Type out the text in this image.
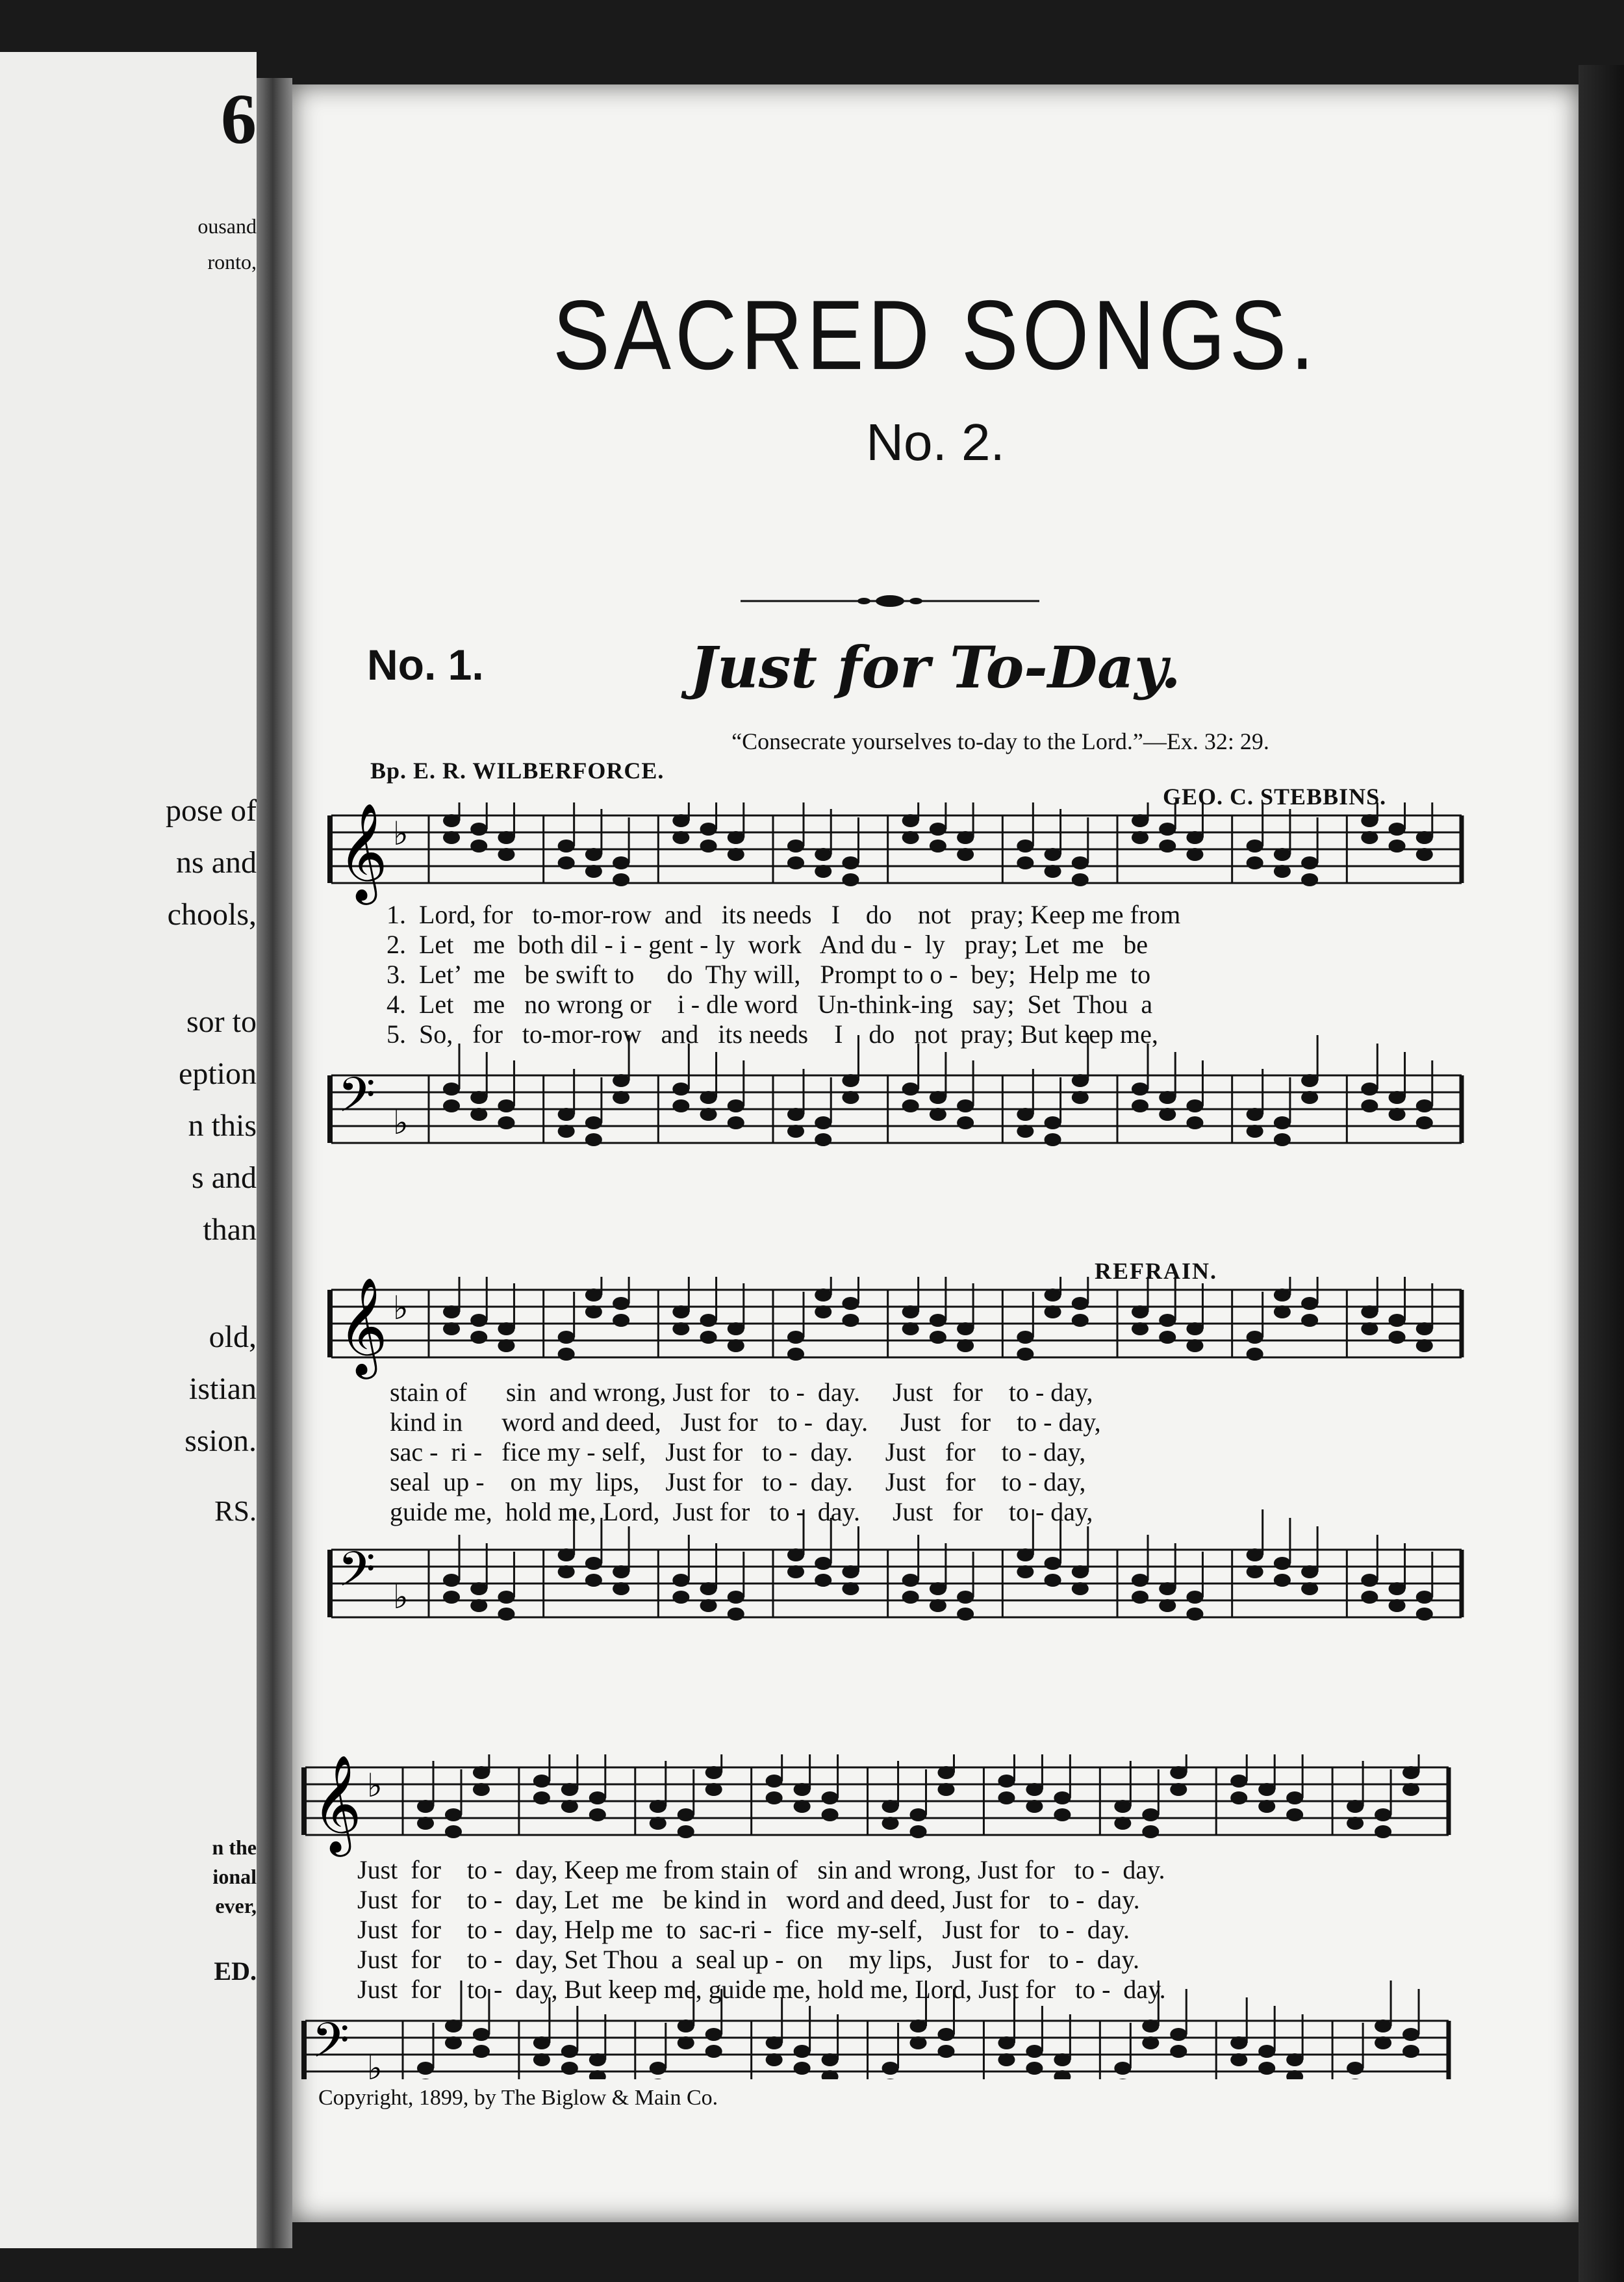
6
ousand
ronto,
pose of
ns and
chools,
sor to
eption
n this
s and
than
old,
istian
ssion.
RS.
n the
ional
ever,
ED.
SACRED SONGS.
No. 2.
No. 1.	Just for To-Day.
“Consecrate yourselves to-day to the Lord.”—Ex. 32: 29.
Bp. E. R. WILBERFORCE.
GEO. C. STEBBINS.
𝄞 ♭
𝄢 ♭
1.  Lord, for   to-mor-row  and   its needs   I    do    not   pray; Keep me from
2.  Let   me  both dil - i - gent - ly  work   And du -  ly   pray; Let  me   be
3.  Let’  me   be swift to     do  Thy will,   Prompt to o -  bey;  Help me  to
4.  Let   me   no wrong or    i - dle word   Un-think-ing   say;  Set  Thou  a
5.  So,   for   to-mor-row   and   its needs    I    do   not  pray; But keep me,
REFRAIN.
𝄞 ♭
𝄢 ♭
stain of      sin  and wrong, Just for   to -  day.     Just   for    to - day,
kind in      word and deed,   Just for   to -  day.     Just   for    to - day,
sac -  ri -   fice my - self,   Just for   to -  day.     Just   for    to - day,
seal  up -    on  my  lips,    Just for   to -  day.     Just   for    to - day,
guide me,  hold me, Lord,  Just for   to -  day.     Just   for    to - day,
𝄞 ♭
𝄢 ♭
Just  for    to -  day, Keep me from stain of   sin and wrong, Just for   to -  day.
Just  for    to -  day, Let  me   be kind in   word and deed, Just for   to -  day.
Just  for    to -  day, Help me  to  sac-ri -  fice  my-self,   Just for   to -  day.
Just  for    to -  day, Set Thou  a  seal up -  on    my lips,   Just for   to -  day.
Just  for    to -  day, But keep me, guide me, hold me, Lord, Just for   to -  day.
Copyright, 1899, by The Biglow & Main Co.
